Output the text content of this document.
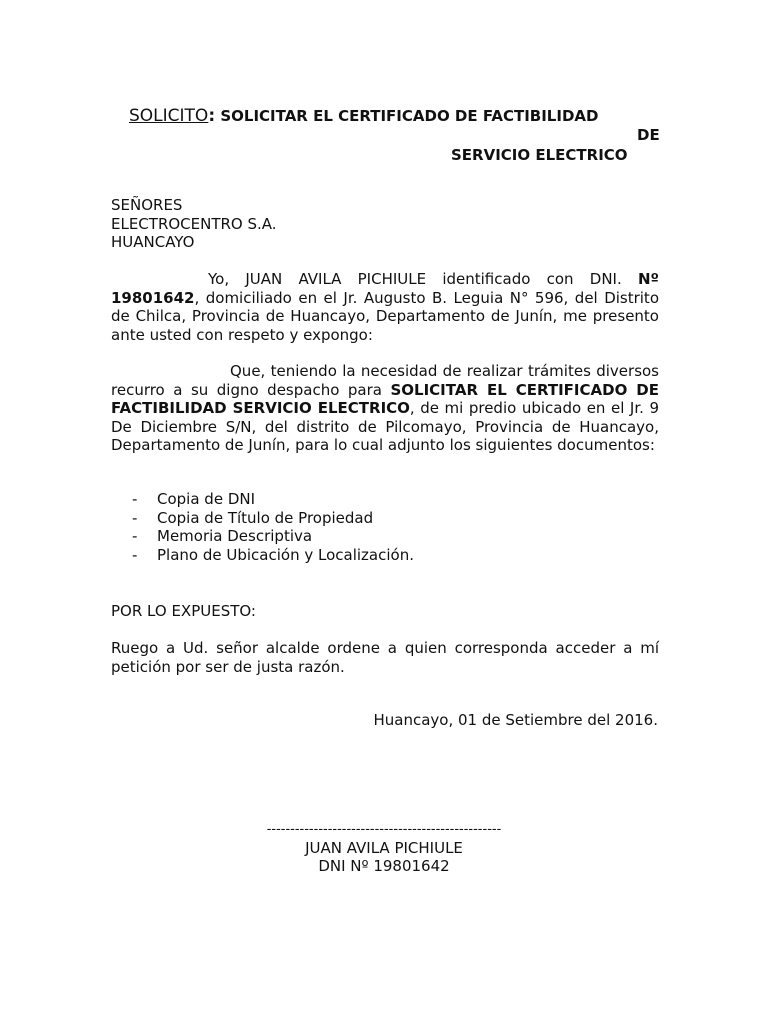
SOLICITO: SOLICITAR EL CERTIFICADO DE FACTIBILIDAD
DE
SERVICIO ELECTRICO
SEÑORES
ELECTROCENTRO S.A.
HUANCAYO
Yo, JUAN AVILA PICHIULE identificado con DNI. Nº 19801642, domiciliado en el Jr. Augusto B. Leguia N° 596, del Distrito de Chilca, Provincia de Huancayo, Departamento de Junín, me presento ante usted con respeto y expongo:
Que, teniendo la necesidad de realizar trámites diversos recurro a su digno despacho para SOLICITAR EL CERTIFICADO DE FACTIBILIDAD SERVICIO ELECTRICO, de mi predio ubicado en el Jr. 9 De Diciembre S/N, del distrito de Pilcomayo, Provincia de Huancayo, Departamento de Junín, para lo cual adjunto los siguientes documentos:
- Copia de DNI
- Copia de Título de Propiedad
- Memoria Descriptiva
- Plano de Ubicación y Localización.
POR LO EXPUESTO:
Ruego a Ud. señor alcalde ordene a quien corresponda acceder a mí petición por ser de justa razón.
Huancayo, 01 de Setiembre del 2016.
--------------------------------------------------
JUAN AVILA PICHIULE
DNI Nº 19801642
